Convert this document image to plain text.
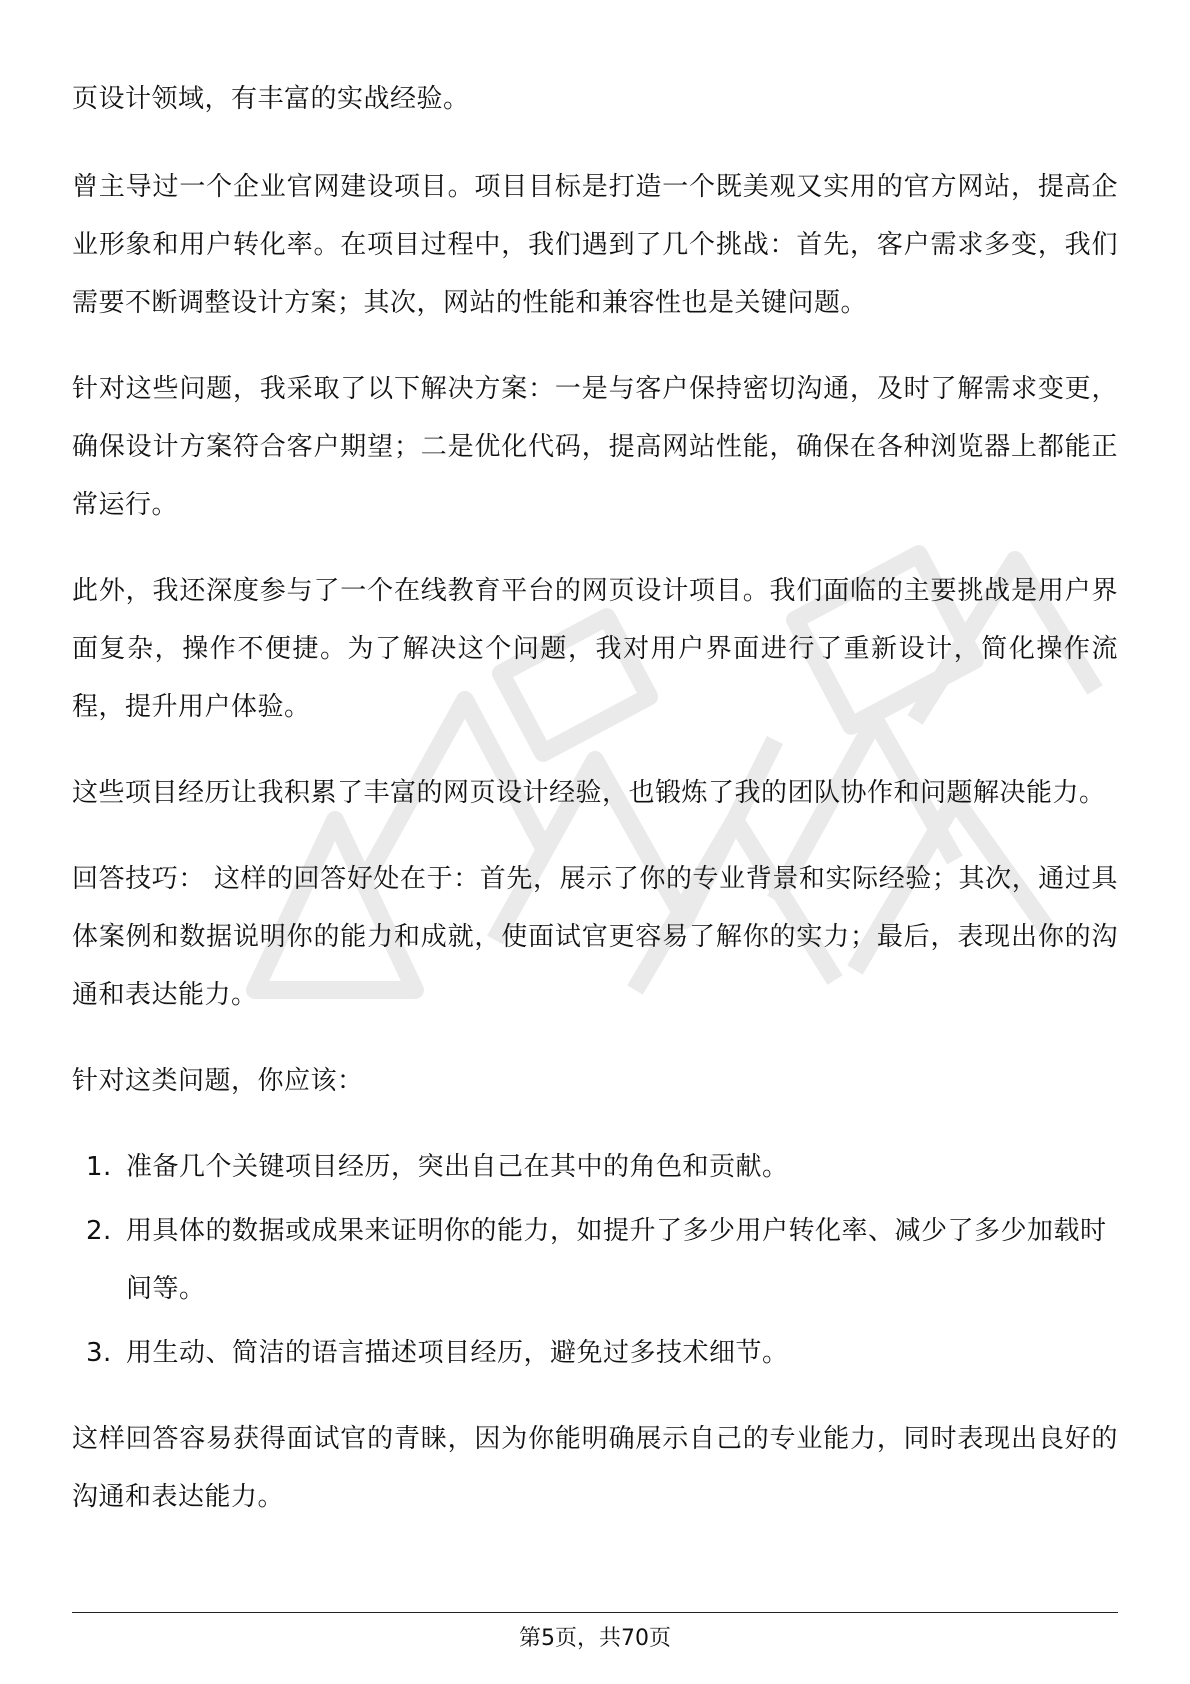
页设计领域，有丰富的实战经验。

曾主导过一个企业官网建设项目。项目目标是打造一个既美观又实用的官方网站，提高企业形象和用户转化率。在项目过程中，我们遇到了几个挑战：首先，客户需求多变，我们需要不断调整设计方案；其次，网站的性能和兼容性也是关键问题。

针对这些问题，我采取了以下解决方案：一是与客户保持密切沟通，及时了解需求变更，确保设计方案符合客户期望；二是优化代码，提高网站性能，确保在各种浏览器上都能正常运行。

此外，我还深度参与了一个在线教育平台的网页设计项目。我们面临的主要挑战是用户界面复杂，操作不便捷。为了解决这个问题，我对用户界面进行了重新设计，简化操作流程，提升用户体验。

这些项目经历让我积累了丰富的网页设计经验，也锻炼了我的团队协作和问题解决能力。

回答技巧： 这样的回答好处在于：首先，展示了你的专业背景和实际经验；其次，通过具体案例和数据说明你的能力和成就，使面试官更容易了解你的实力；最后，表现出你的沟通和表达能力。

针对这类问题，你应该：

1. 准备几个关键项目经历，突出自己在其中的角色和贡献。
2. 用具体的数据或成果来证明你的能力，如提升了多少用户转化率、减少了多少加载时间等。
3. 用生动、简洁的语言描述项目经历，避免过多技术细节。

这样回答容易获得面试官的青睐，因为你能明确展示自己的专业能力，同时表现出良好的沟通和表达能力。

第5页，共70页
